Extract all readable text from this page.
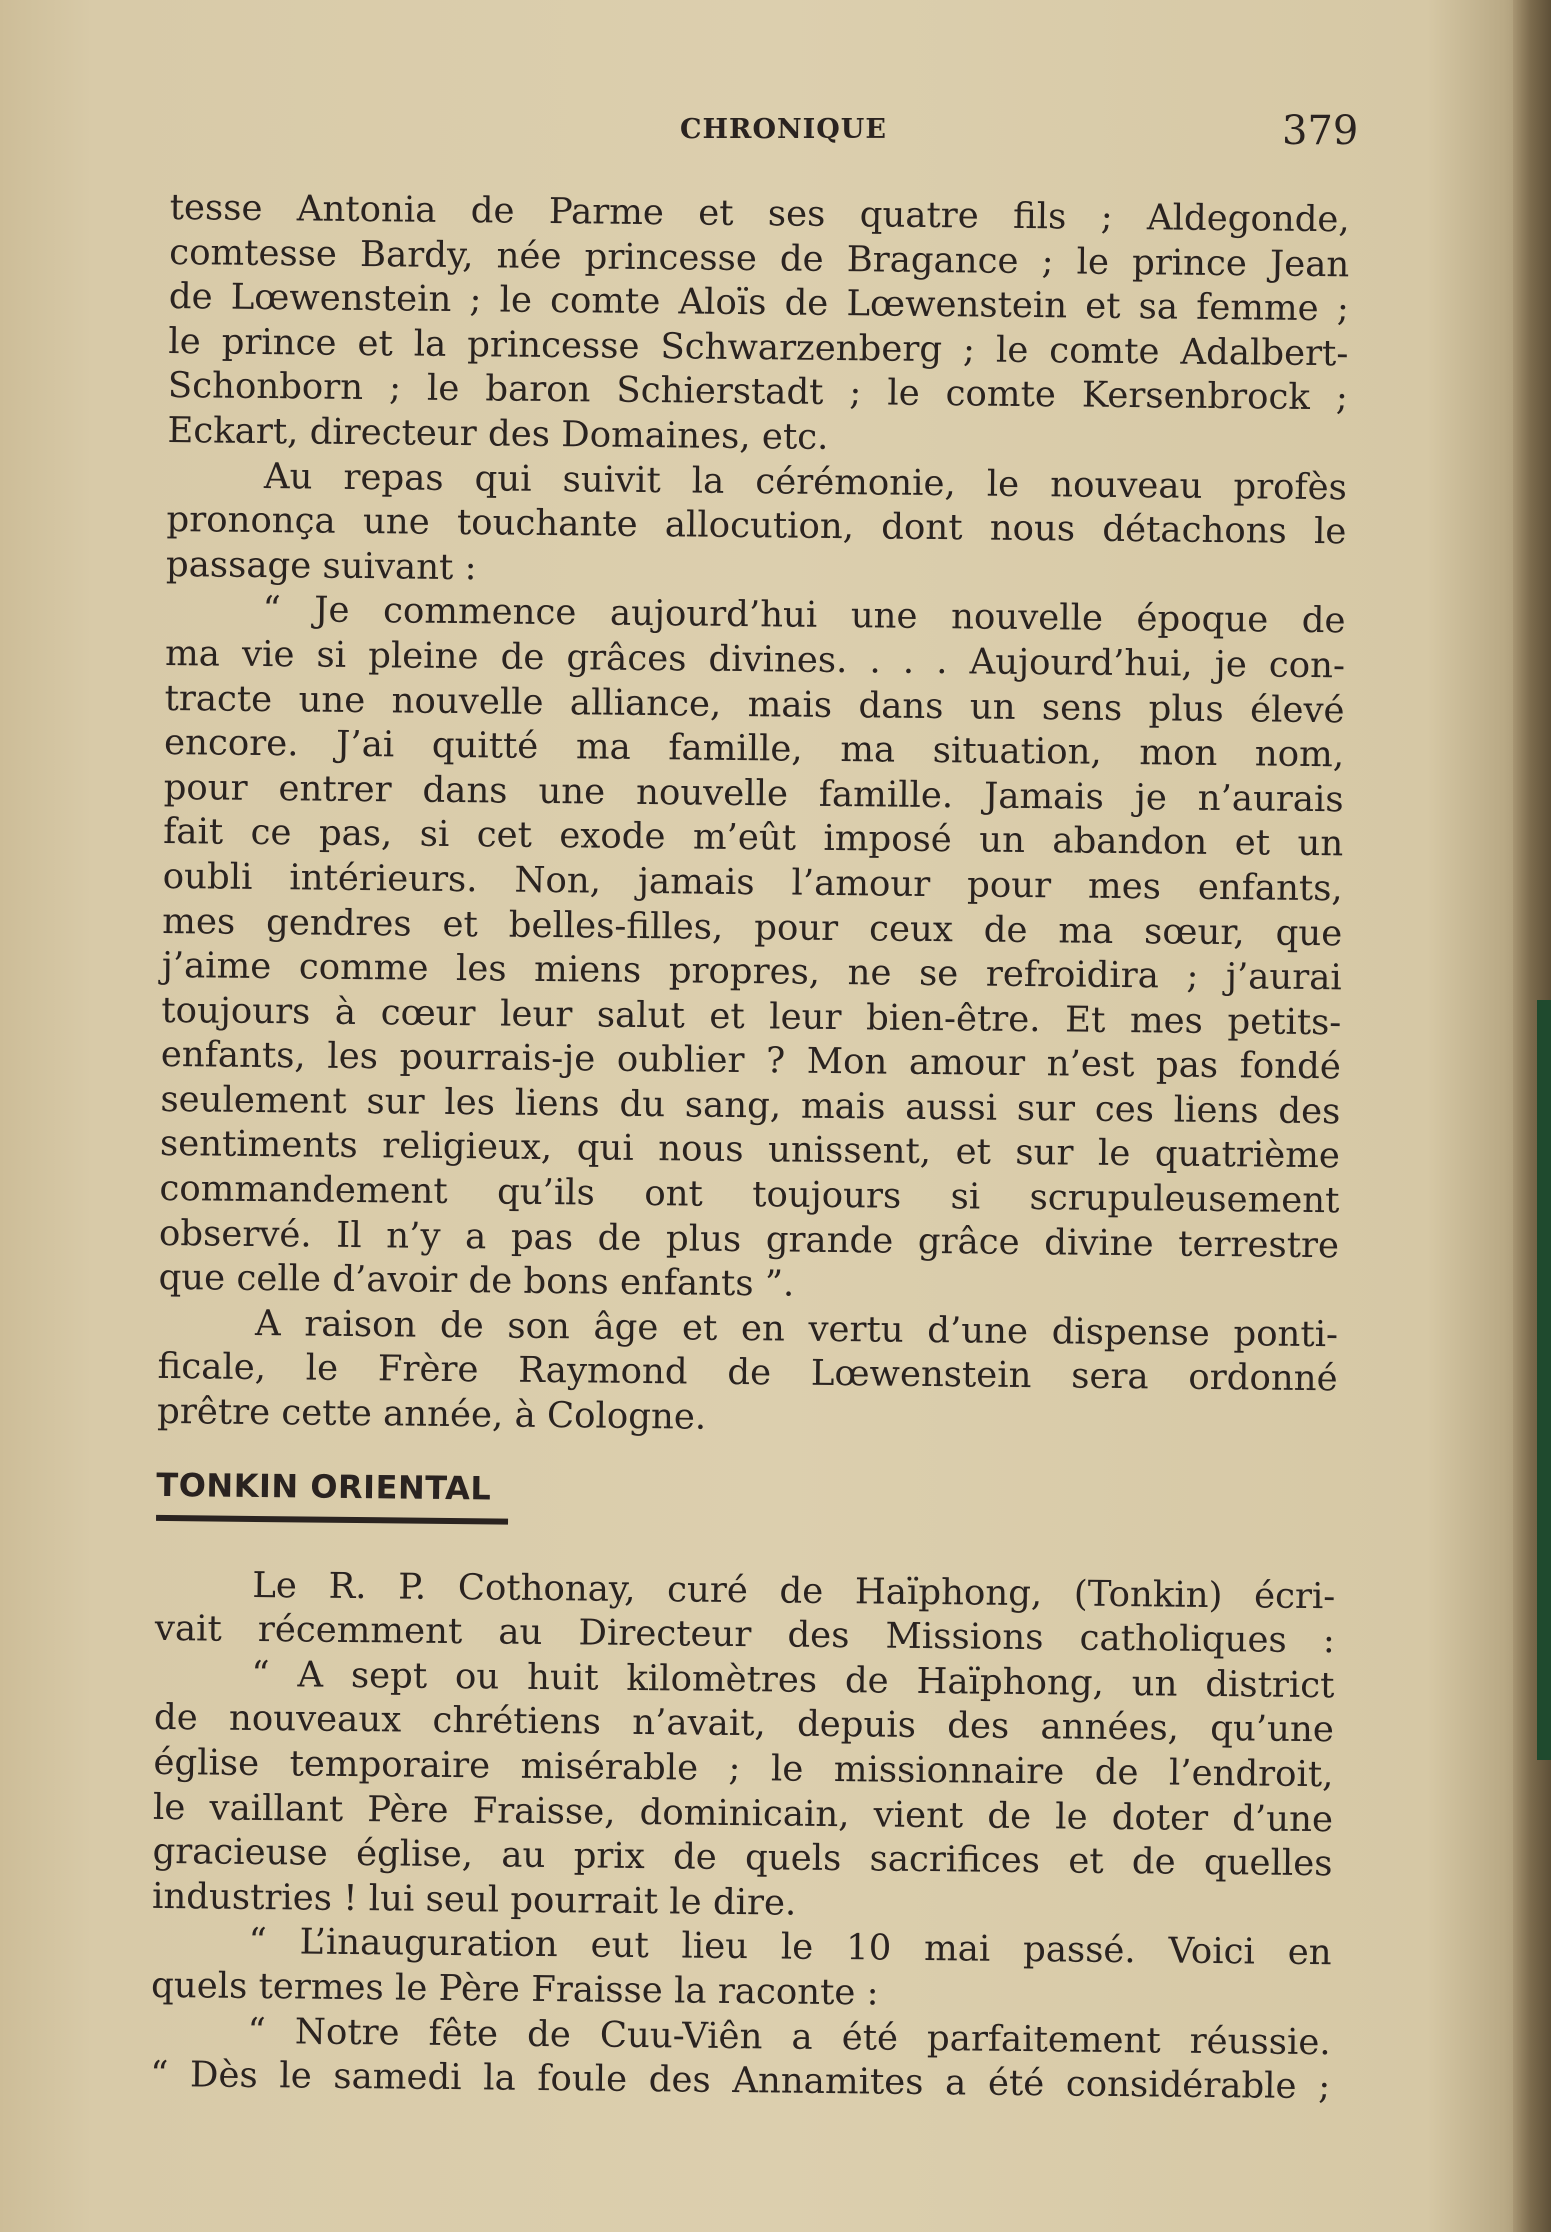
CHRONIQUE	379
tesse Antonia de Parme et ses quatre fils ; Aldegonde,
comtesse Bardy, née princesse de Bragance ; le prince Jean
de Lœwenstein ; le comte Aloïs de Lœwenstein et sa femme ;
le prince et la princesse Schwarzenberg ; le comte Adalbert-
Schonborn ; le baron Schierstadt ; le comte Kersenbrock ;
Eckart, directeur des Domaines, etc.
Au repas qui suivit la cérémonie, le nouveau profès
prononça une touchante allocution, dont nous détachons le
passage suivant :
“ Je commence aujourd’hui une nouvelle époque de
ma vie si pleine de grâces divines. . . . Aujourd’hui, je con-
tracte une nouvelle alliance, mais dans un sens plus élevé
encore. J’ai quitté ma famille, ma situation, mon nom,
pour entrer dans une nouvelle famille. Jamais je n’aurais
fait ce pas, si cet exode m’eût imposé un abandon et un
oubli intérieurs. Non, jamais l’amour pour mes enfants,
mes gendres et belles-filles, pour ceux de ma sœur, que
j’aime comme les miens propres, ne se refroidira ; j’aurai
toujours à cœur leur salut et leur bien-être. Et mes petits-
enfants, les pourrais-je oublier ? Mon amour n’est pas fondé
seulement sur les liens du sang, mais aussi sur ces liens des
sentiments religieux, qui nous unissent, et sur le quatrième
commandement qu’ils ont toujours si scrupuleusement
observé. Il n’y a pas de plus grande grâce divine terrestre
que celle d’avoir de bons enfants ”.
A raison de son âge et en vertu d’une dispense ponti-
ficale, le Frère Raymond de Lœwenstein sera ordonné
prêtre cette année, à Cologne.
TONKIN ORIENTAL
Le R. P. Cothonay, curé de Haïphong, (Tonkin) écri-
vait récemment au Directeur des Missions catholiques :
“ A sept ou huit kilomètres de Haïphong, un district
de nouveaux chrétiens n’avait, depuis des années, qu’une
église temporaire misérable ; le missionnaire de l’endroit,
le vaillant Père Fraisse, dominicain, vient de le doter d’une
gracieuse église, au prix de quels sacrifices et de quelles
industries ! lui seul pourrait le dire.
“ L’inauguration eut lieu le 10 mai passé. Voici en
quels termes le Père Fraisse la raconte :
“ Notre fête de Cuu-Viên a été parfaitement réussie.
“ Dès le samedi la foule des Annamites a été considérable ;
